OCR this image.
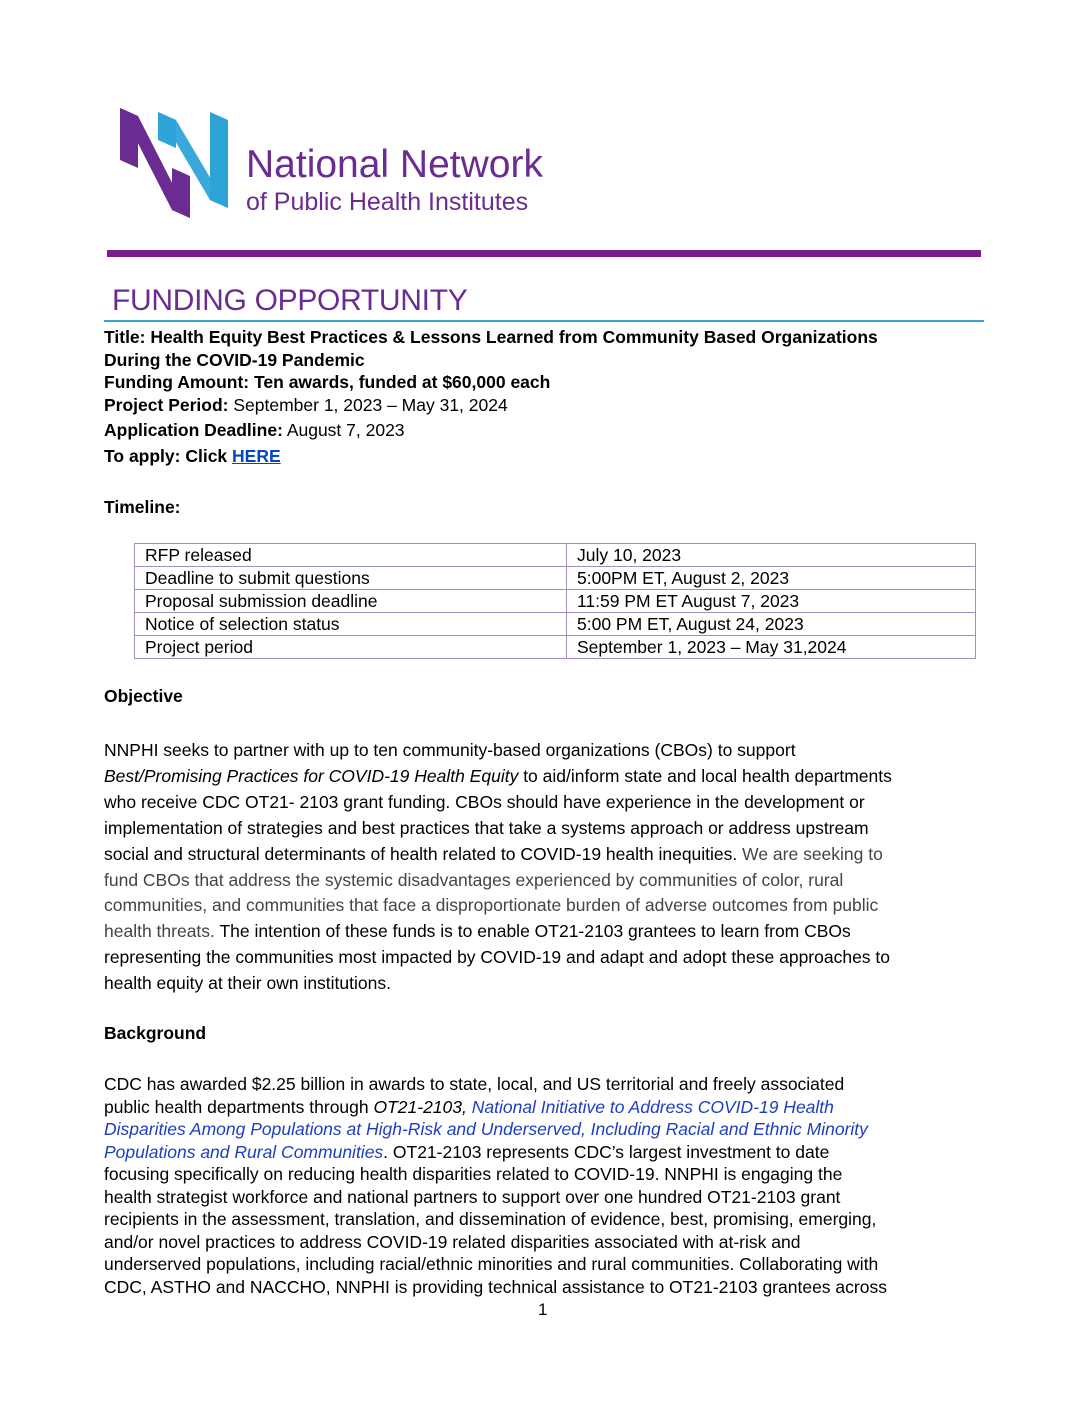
National Network
of Public Health Institutes
FUNDING OPPORTUNITY
Title: Health Equity Best Practices & Lessons Learned from Community Based Organizations
During the COVID-19 Pandemic
Funding Amount: Ten awards, funded at $60,000 each
Project Period: September 1, 2023 – May 31, 2024
Application Deadline: August 7, 2023
To apply: Click HERE
Timeline:
RFP released	July 10, 2023
Deadline to submit questions	5:00PM ET, August 2, 2023
Proposal submission deadline	11:59 PM ET August 7, 2023
Notice of selection status	5:00 PM ET, August 24, 2023
Project period	September 1, 2023 – May 31,2024
Objective
NNPHI seeks to partner with up to ten community-based organizations (CBOs) to support
Best/Promising Practices for COVID-19 Health Equity to aid/inform state and local health departments
who receive CDC OT21- 2103 grant funding. CBOs should have experience in the development or
implementation of strategies and best practices that take a systems approach or address upstream
social and structural determinants of health related to COVID-19 health inequities. We are seeking to
fund CBOs that address the systemic disadvantages experienced by communities of color, rural
communities, and communities that face a disproportionate burden of adverse outcomes from public
health threats. The intention of these funds is to enable OT21-2103 grantees to learn from CBOs
representing the communities most impacted by COVID-19 and adapt and adopt these approaches to
health equity at their own institutions.
Background
CDC has awarded $2.25 billion in awards to state, local, and US territorial and freely associated
public health departments through OT21-2103, National Initiative to Address COVID-19 Health
Disparities Among Populations at High-Risk and Underserved, Including Racial and Ethnic Minority
Populations and Rural Communities. OT21-2103 represents CDC’s largest investment to date
focusing specifically on reducing health disparities related to COVID-19. NNPHI is engaging the
health strategist workforce and national partners to support over one hundred OT21-2103 grant
recipients in the assessment, translation, and dissemination of evidence, best, promising, emerging,
and/or novel practices to address COVID-19 related disparities associated with at-risk and
underserved populations, including racial/ethnic minorities and rural communities. Collaborating with
CDC, ASTHO and NACCHO, NNPHI is providing technical assistance to OT21-2103 grantees across
1
